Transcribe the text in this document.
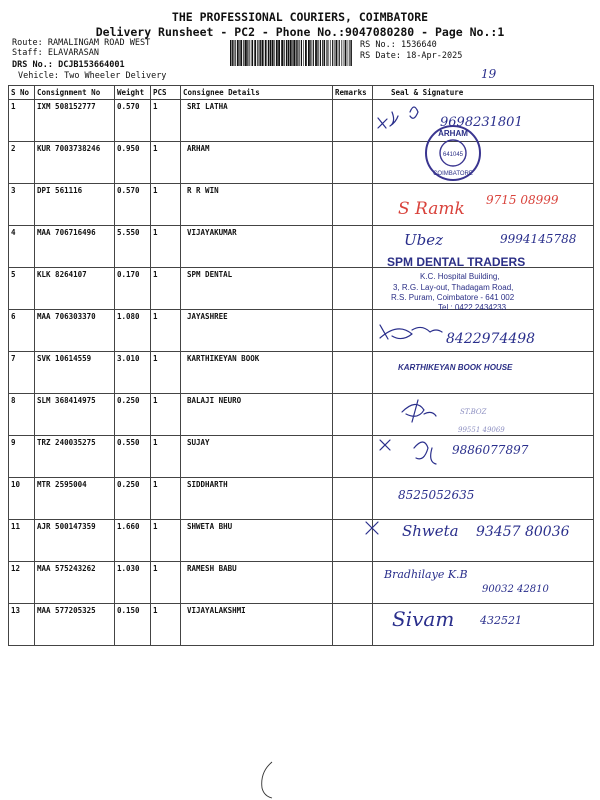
THE PROFESSIONAL COURIERS, COIMBATORE
Delivery Runsheet - PC2 - Phone No.:9047080280 - Page No.:1
Route: RAMALINGAM ROAD WEST
Staff: ELAVARASAN
DRS No.: DCJB153664001
Vehicle: Two Wheeler Delivery
RS No.: 1536640
RS Date: 18-Apr-2025
S No	Consignment No	Weight	PCS	Consignee Details	Remarks	Seal & Signature
1	IXM 508152777	0.570	1	SRI LATHA		
2	KUR 7003738246	0.950	1	ARHAM		
3	DPI 561116	0.570	1	R R WIN		
4	MAA 706716496	5.550	1	VIJAYAKUMAR		
5	KLK 8264107	0.170	1	SPM DENTAL		
6	MAA 706303370	1.080	1	JAYASHREE		
7	SVK 10614559	3.010	1	KARTHIKEYAN BOOK		
8	SLM 368414975	0.250	1	BALAJI NEURO		
9	TRZ 240035275	0.550	1	SUJAY		
10	MTR 2595004	0.250	1	SIDDHARTH		
11	AJR 500147359	1.660	1	SHWETA BHU		
12	MAA 575243262	1.030	1	RAMESH BABU		
13	MAA 577205325	0.150	1	VIJAYALAKSHMI		
19
9698231801
ARHAM
COIMBATORE
641045
S Ramk 9715 08999
Ubez	9994145788
SPM DENTAL TRADERS
K.C. Hospital Building,
3, R.G. Lay-out, Thadagam Road,
R.S. Puram, Coimbatore - 641 002
Tel : 0422 2434233
8422974498
KARTHIKEYAN BOOK HOUSE
ST.BOZ
99551 49069
9886077897
8525052635
Shweta 93457 80036
Bradhilaye K.B
90032 42810
Sivam 432521
